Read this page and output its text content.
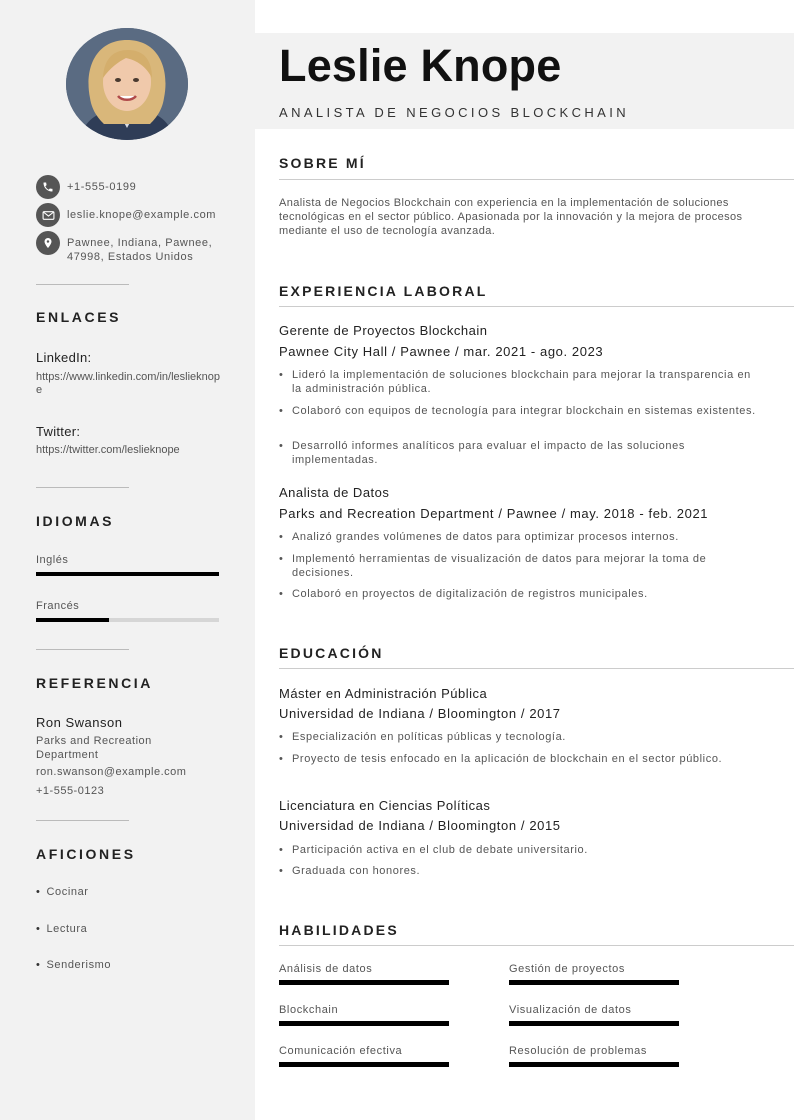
+1-555-0199
leslie.knope@example.com
Pawnee, Indiana, Pawnee, 47998, Estados Unidos
ENLACES
LinkedIn:
https://www.linkedin.com/in/leslieknope
Twitter:
https://twitter.com/leslieknope
IDIOMAS
Inglés
Francés
REFERENCIA
Ron Swanson
Parks and Recreation Department
ron.swanson@example.com
+1-555-0123
AFICIONES
• Cocinar
• Lectura
• Senderismo
Leslie Knope
ANALISTA DE NEGOCIOS BLOCKCHAIN
SOBRE MÍ
Analista de Negocios Blockchain con experiencia en la implementación de soluciones tecnológicas en el sector público. Apasionada por la innovación y la mejora de procesos mediante el uso de tecnología avanzada.
EXPERIENCIA LABORAL
Gerente de Proyectos Blockchain
Pawnee City Hall / Pawnee / mar. 2021 - ago. 2023
• Lideró la implementación de soluciones blockchain para mejorar la transparencia en la administración pública.
• Colaboró con equipos de tecnología para integrar blockchain en sistemas existentes.
• Desarrolló informes analíticos para evaluar el impacto de las soluciones implementadas.
Analista de Datos
Parks and Recreation Department / Pawnee / may. 2018 - feb. 2021
• Analizó grandes volúmenes de datos para optimizar procesos internos.
• Implementó herramientas de visualización de datos para mejorar la toma de decisiones.
• Colaboró en proyectos de digitalización de registros municipales.
EDUCACIÓN
Máster en Administración Pública
Universidad de Indiana / Bloomington / 2017
• Especialización en políticas públicas y tecnología.
• Proyecto de tesis enfocado en la aplicación de blockchain en el sector público.
Licenciatura en Ciencias Políticas
Universidad de Indiana / Bloomington / 2015
• Participación activa en el club de debate universitario.
• Graduada con honores.
HABILIDADES
Análisis de datos	Gestión de proyectos
Blockchain	Visualización de datos
Comunicación efectiva	Resolución de problemas
